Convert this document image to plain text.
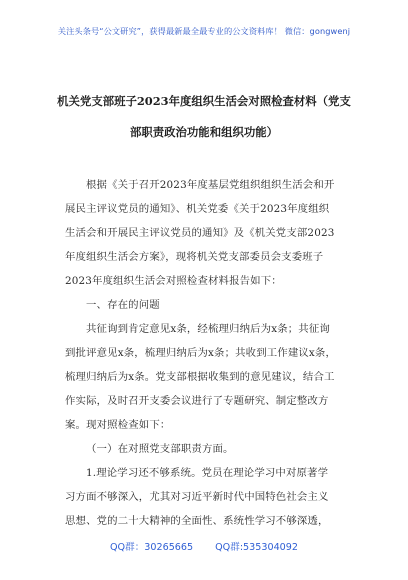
关注头条号“公文研究”，获得最新最全最专业的公文资料库！ 微信：gongwenj
机关党支部班子2023年度组织生活会对照检查材料（党支
部职责政治功能和组织功能）
根据《关于召开2023年度基层党组织组织生活会和开
展民主评议党员的通知》、机关党委《关于2023年度组织
生活会和开展民主评议党员的通知》及《机关党支部2023
年度组织生活会方案》，现将机关党支部委员会支委班子
2023年度组织生活会对照检查材料报告如下：
一、存在的问题
共征询到肯定意见x条，经梳理归纳后为x条；共征询
到批评意见x条，梳理归纳后为x条；共收到工作建议x条，
梳理归纳后为x条。党支部根据收集到的意见建议，结合工
作实际，及时召开支委会议进行了专题研究、制定整改方
案。现对照检查如下：
（一）在对照党支部职责方面。
1.理论学习还不够系统。党员在理论学习中对原著学
习方面不够深入，尤其对习近平新时代中国特色社会主义
思想、党的二十大精神的全面性、系统性学习不够深透，
QQ群：30265665 QQ群:535304092
